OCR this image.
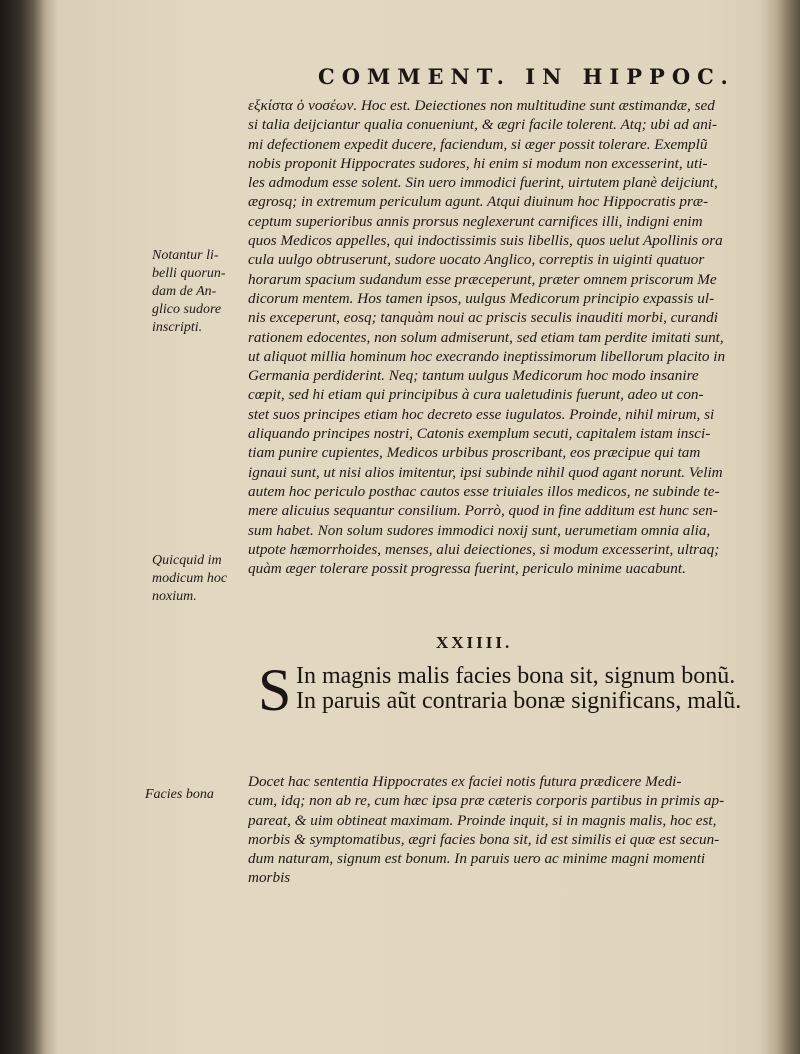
COMMENT. IN HIPPOC.
εξκίστα ὁ νοσέων. Hoc est. Deiectiones non multitudine sunt æstimandæ, sed
si talia deijciantur qualia conueniunt, & ægri facile tolerent. Atq; ubi ad ani-
mi defectionem expedit ducere, faciendum, si æger possit tolerare. Exemplũ
nobis proponit Hippocrates sudores, hi enim si modum non excesserint, uti-
les admodum esse solent. Sin uero immodici fuerint, uirtutem planè deijciunt,
ægrosq; in extremum periculum agunt. Atqui diuinum hoc Hippocratis præ-
ceptum superioribus annis prorsus neglexerunt carnifices illi, indigni enim
quos Medicos appelles, qui indoctissimis suis libellis, quos uelut Apollinis ora
cula uulgo obtruserunt, sudore uocato Anglico, correptis in uiginti quatuor
horarum spacium sudandum esse præceperunt, præter omnem priscorum Me
dicorum mentem. Hos tamen ipsos, uulgus Medicorum principio expassis ul-
nis exceperunt, eosq; tanquàm noui ac priscis seculis inauditi morbi, curandi
rationem edocentes, non solum admiserunt, sed etiam tam perdite imitati sunt,
ut aliquot millia hominum hoc execrando ineptissimorum libellorum placito in
Germania perdiderint. Neq; tantum uulgus Medicorum hoc modo insanire
cœpit, sed hi etiam qui principibus à cura ualetudinis fuerunt, adeo ut con-
stet suos principes etiam hoc decreto esse iugulatos. Proinde, nihil mirum, si
aliquando principes nostri, Catonis exemplum secuti, capitalem istam insci-
tiam punire cupientes, Medicos urbibus proscribant, eos præcipue qui tam
ignaui sunt, ut nisi alios imitentur, ipsi subinde nihil quod agant norunt. Velim
autem hoc periculo posthac cautos esse triuiales illos medicos, ne subinde te-
mere alicuius sequantur consilium. Porrò, quod in fine additum est hunc sen-
sum habet. Non solum sudores immodici noxij sunt, uerumetiam omnia alia,
utpote hæmorrhoides, menses, alui deiectiones, si modum excesserint, ultraq;
quàm æger tolerare possit progressa fuerint, periculo minime uacabunt.
Notantur li-
belli quorun-
dam de An-
glico sudore
inscripti.
Quicquid im
modicum hoc
noxium.
Facies bona
XXIIII.
S In magnis malis facies bona sit, signum bonũ.
In paruis aũt contraria bonæ significans, malũ.
Docet hac sententia Hippocrates ex faciei notis futura prædicere Medi-
cum, idq; non ab re, cum hæc ipsa præ cæteris corporis partibus in primis ap-
pareat, & uim obtineat maximam. Proinde inquit, si in magnis malis, hoc est,
morbis & symptomatibus, ægri facies bona sit, id est similis ei quæ est secun-
dum naturam, signum est bonum. In paruis uero ac minime magni momenti
morbis
